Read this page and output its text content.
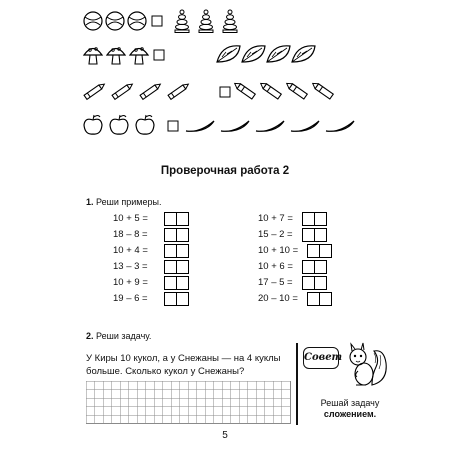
Проверочная работа 2
1. Реши примеры.
10 + 5 =
18 – 8 =
10 + 4 =
13 – 3 =
10 + 9 =
19 – 6 =
10 + 7 =
15 – 2 =
10 + 10 =
10 + 6 =
17 – 5 =
20 – 10 =
2. Реши задачу.
У Киры 10 кукол, а у Снежаны — на 4 куклы больше. Сколько кукол у Снежаны?
Совет
Решай задачу
сложением.
5
